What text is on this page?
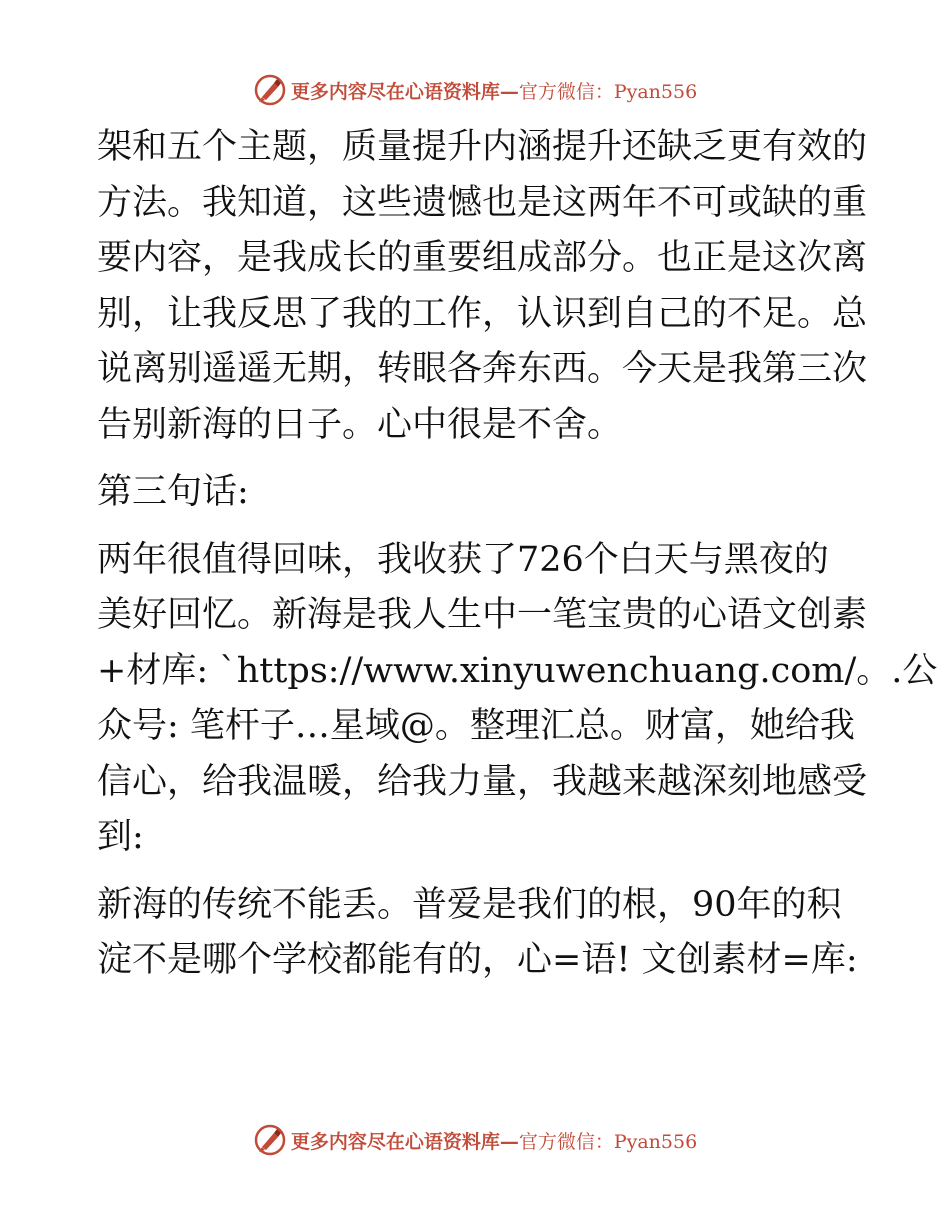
更多内容尽在心语资料库—官方微信：Pyan556
架和五个主题，质量提升内涵提升还缺乏更有效的
方法。我知道，这些遗憾也是这两年不可或缺的重
要内容，是我成长的重要组成部分。也正是这次离
别，让我反思了我的工作，认识到自己的不足。总
说离别遥遥无期，转眼各奔东西。今天是我第三次
告别新海的日子。心中很是不舍。
第三句话:
两年很值得回味，我收获了726个白天与黑夜的
美好回忆。新海是我人生中一笔宝贵的心语文创素
+材库: `https://www.xinyuwenchuang.com/。.公
众号: 笔杆子…星域@。整理汇总。财富，她给我
信心，给我温暖，给我力量，我越来越深刻地感受
到:
新海的传统不能丢。普爱是我们的根，90年的积
淀不是哪个学校都能有的，心=语! 文创素材=库:
更多内容尽在心语资料库—官方微信：Pyan556
